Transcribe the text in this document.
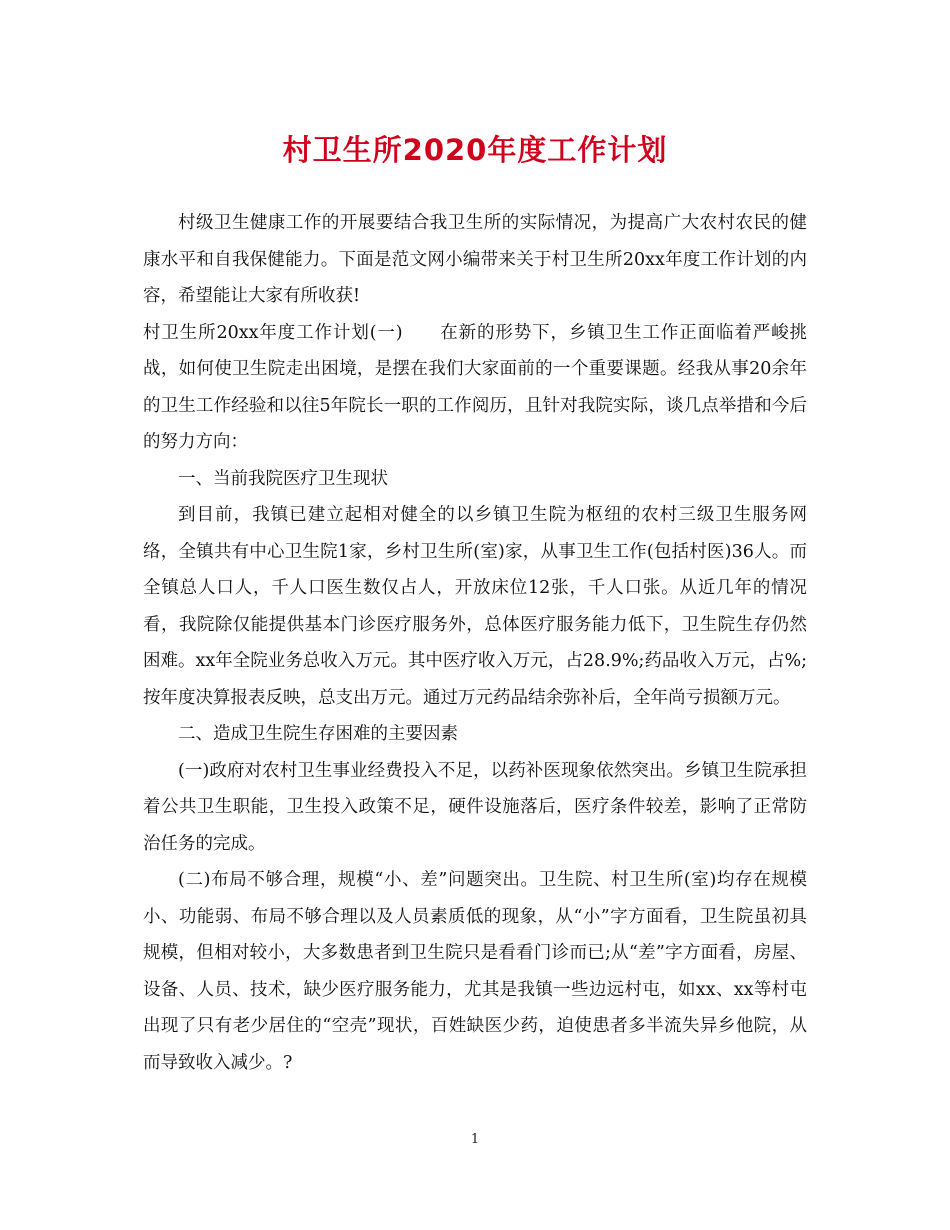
村卫生所2020年度工作计划

村级卫生健康工作的开展要结合我卫生所的实际情况，为提高广大农村农民的健康水平和自我保健能力。下面是范文网小编带来关于村卫生所20xx年度工作计划的内容，希望能让大家有所收获!

村卫生所20xx年度工作计划(一)　　在新的形势下，乡镇卫生工作正面临着严峻挑战，如何使卫生院走出困境，是摆在我们大家面前的一个重要课题。经我从事20余年的卫生工作经验和以往5年院长一职的工作阅历，且针对我院实际，谈几点举措和今后的努力方向：

一、当前我院医疗卫生现状

到目前，我镇已建立起相对健全的以乡镇卫生院为枢纽的农村三级卫生服务网络，全镇共有中心卫生院1家，乡村卫生所(室)家，从事卫生工作(包括村医)36人。而全镇总人口人，千人口医生数仅占人，开放床位12张，千人口张。从近几年的情况看，我院除仅能提供基本门诊医疗服务外，总体医疗服务能力低下，卫生院生存仍然困难。xx年全院业务总收入万元。其中医疗收入万元，占28.9%;药品收入万元，占%;按年度决算报表反映，总支出万元。通过万元药品结余弥补后，全年尚亏损额万元。

二、造成卫生院生存困难的主要因素

(一)政府对农村卫生事业经费投入不足，以药补医现象依然突出。乡镇卫生院承担着公共卫生职能，卫生投入政策不足，硬件设施落后，医疗条件较差，影响了正常防治任务的完成。

(二)布局不够合理，规模“小、差”问题突出。卫生院、村卫生所(室)均存在规模小、功能弱、布局不够合理以及人员素质低的现象，从“小”字方面看，卫生院虽初具规模，但相对较小，大多数患者到卫生院只是看看门诊而已;从“差”字方面看，房屋、设备、人员、技术，缺少医疗服务能力，尤其是我镇一些边远村屯，如xx、xx等村屯出现了只有老少居住的“空壳”现状，百姓缺医少药，迫使患者多半流失异乡他院，从而导致收入减少。?

1
